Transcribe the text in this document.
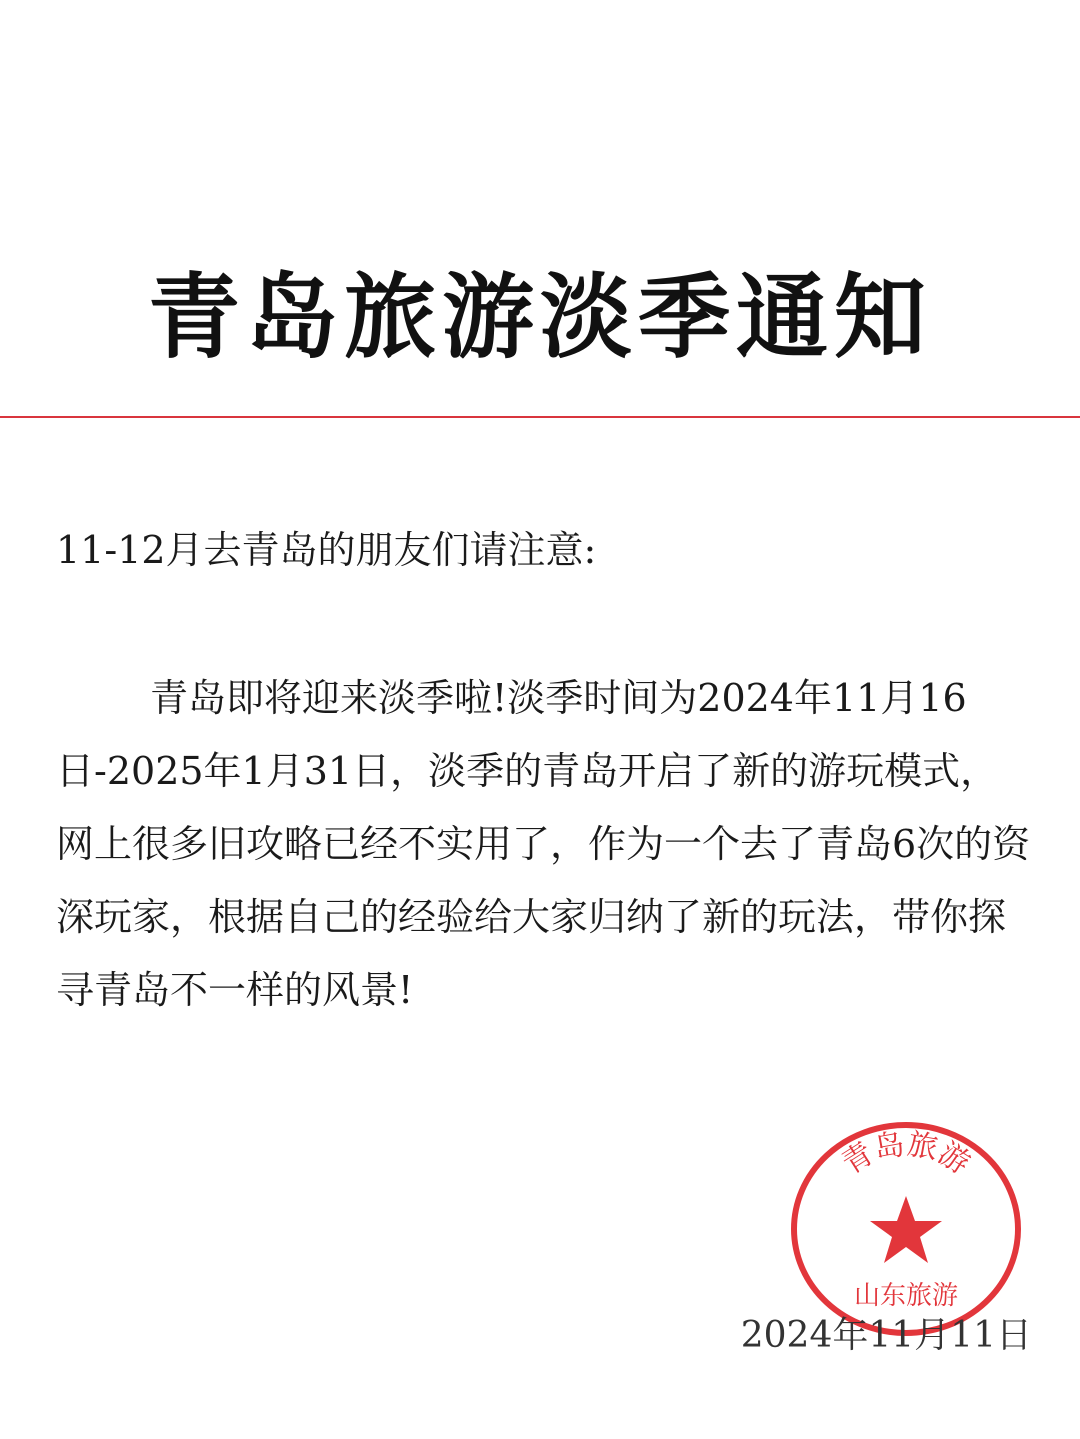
青岛旅游淡季通知
11-12月去青岛的朋友们请注意:
青岛即将迎来淡季啦!淡季时间为2024年11月16日-2025年1月31日，淡季的青岛开启了新的游玩模式，网上很多旧攻略已经不实用了，作为一个去了青岛6次的资深玩家，根据自己的经验给大家归纳了新的玩法，带你探寻青岛不一样的风景!
青岛旅游
山东旅游
2024年11月11日
